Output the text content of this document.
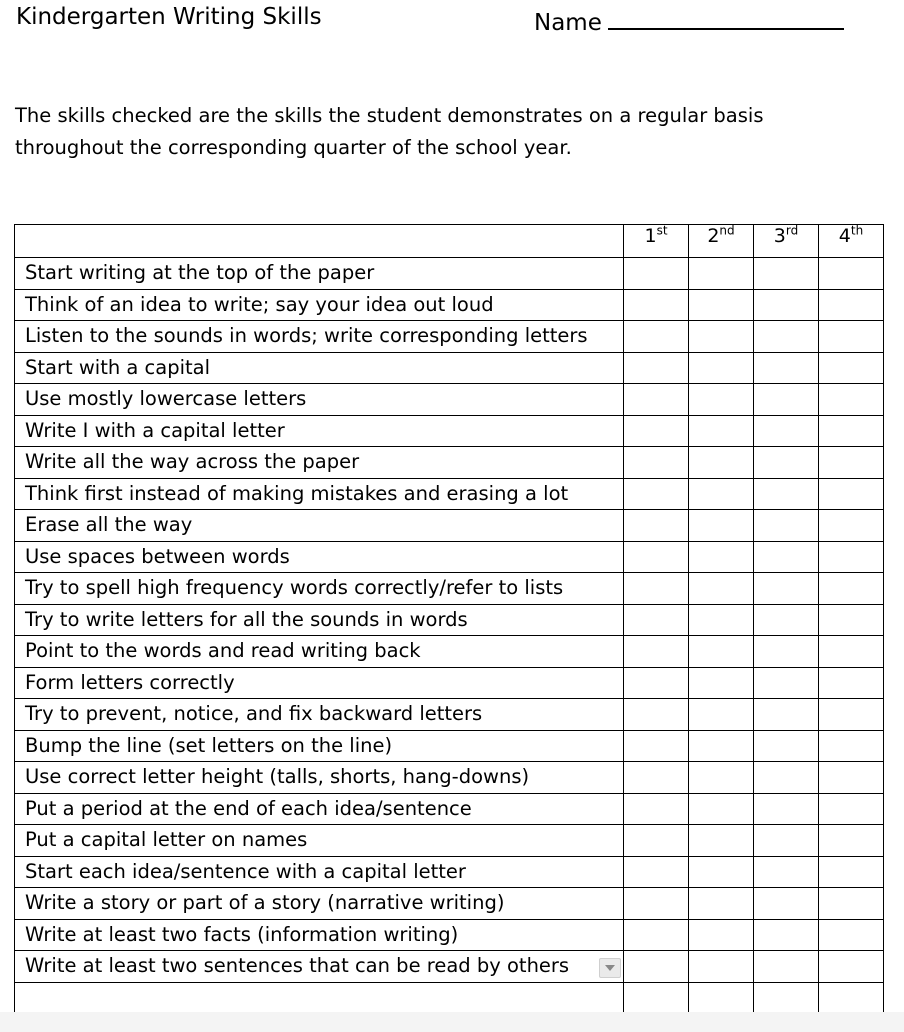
Kindergarten Writing Skills	Name
The skills checked are the skills the student demonstrates on a regular basis
throughout the corresponding quarter of the school year.
	1st	2nd	3rd	4th
Start writing at the top of the paper				
Think of an idea to write; say your idea out loud				
Listen to the sounds in words; write corresponding letters				
Start with a capital				
Use mostly lowercase letters				
Write I with a capital letter				
Write all the way across the paper				
Think first instead of making mistakes and erasing a lot				
Erase all the way				
Use spaces between words				
Try to spell high frequency words correctly/refer to lists				
Try to write letters for all the sounds in words				
Point to the words and read writing back				
Form letters correctly				
Try to prevent, notice, and fix backward letters				
Bump the line (set letters on the line)				
Use correct letter height (talls, shorts, hang-downs)				
Put a period at the end of each idea/sentence				
Put a capital letter on names				
Start each idea/sentence with a capital letter				
Write a story or part of a story (narrative writing)				
Write at least two facts (information writing)				
Write at least two sentences that can be read by others
